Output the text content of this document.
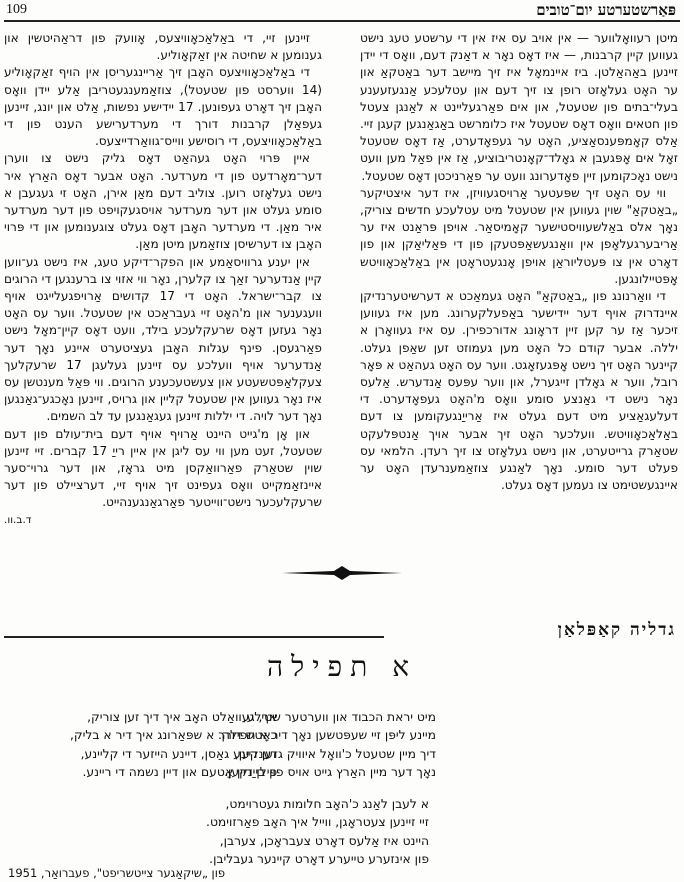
109	פּאַרשטערטע יום־טובים

מיטן רעוואָלווער — אין אויב עס איז אין די ערשטע טעג נישט געווען קיין קרבנות, — איז דאָס נאָר א דאַנק דעם, וואָס די יידן זיינען באַהאַלטן. ביז איינמאָל איז זיך מיישב דער באַטקאַ און ער האָט געלאָזט רופן צו זיך דעם און עטלעכע אַנגעזעענע בעלי־בתים פון שטעטל, און אים פאַרגעליינט א לאַנגן צעטל פון חטאים וואָס דאָס שטעטל איז כלומרשט באַגאַנגען קעגן זיי. אַלס קאָמפּענסאַציע, האָט ער געפאָדערט, אַז דאָס שטעטל זאָל אים אָפּגעבן א גאָלד־קאָנטריבוציע, אַז אין פאַל מען וועט נישט נאָכקומען זיין פאָדערונג וועט ער פאַרניכטן דאָס שטעטל.

ווי עס האָט זיך שפּעטער אַרויסגעוויזן, איז דער איצטיקער „באַטקאַ" שוין געווען אין שטעטל מיט עטלעכע חדשים צוריק, נאָך אלס באַלשעוויסטישער קאָמיסאַר. אויפן פּראַנט איז ער אַריבערגעלאָפן אין וואַנגעשאַפּטעקן פון די פּאַליאַקן און פון דאָרט אין צו פּעטליוראַן אויפן אָנגעטראָטן אין באַלאַכאָוויטש אָפּטיילונגען.

די וואַרנונג פון „באַטקאַ" האָט געמאַכט א דערשיטערנדיקן איינדרוק אויף דער יידישער באַפעלקערונג. מען איז געווען זיכער אַז ער קען זיין דראָונג אדורכפירן. עס איז געוואָרן א יללה. אבער קודם כל האָט מען געמוזט זען שאַפן געלט. קיינער האָט זיך נישט אָפּגעזאָגט. ווער עס האָט געהאַט א פּאָר רובל, ווער א גאָלדן זייגערל, און ווער עפּעס אַנדערש. אַלעס נאָר נישט די גאַנצע סומע וואָס מ'האָט געפאָדערט. די דעלעגאַציע מיט דעם געלט איז אַרייַנגעקומען צו דעם באַלאַכאָוויטש. וועלכער האָט זיך אבער אויך אַנטפּלעקט שטאַרק גרייטערט, און נישט געלאָזט צו זיך רעדן. הלמאי עס פעלט דער סומע. נאָך לאַנגע צוזאַמענרעדן האָט ער איינגעשטימט צו נעמען דאָס געלט.

זיינען זיי, די באַלאַכאָוויצעס, אָוועק פון דראַהיטשין און גענומען א שחיטה אין זאַקאָוליע.

די באַלאַכאָוויצעס האָבן זיך אַריינגעריסן אין הויף זאַקאָוליע (14 ווערסט פון שטעטל), צוזאַמענגעטריבן אַלע יידן וואָס האָבן זיך דאָרט געפונען. 17 יידישע נפשות, אַלט און יונג, זיינען געפאַלן קרבנות דורך די מערדערישע הענט פון די באַלאַכאָוויצעס, די רוסישע ווייס־גוואַרדייצעס.

איין פּרוי האָט געהאַט דאָס גליק נישט צו ווערן דער־מאָרדעט פון די מערדער. האָט אבער דאָס האַרץ איר נישט געלאָזט רוען. צוליב דעם מאַן אירן, האָט זי געגעבן א סומע געלט און דער מערדער אויסגעקויפט פון דער מערדער איר מאַן. די מערדער האָבן דאָס געלט צוגענומען און די פּרוי האָבן צו דערשיסן צוזאַמען מיטן מאַן.

אין יענע גרוויסאַמע און הפקר־דיקע טעג, איז נישט גע־ווען קיין אַנדערער זאַך צו קלערן, נאָר ווי אזוי צו ברענגען די הרוגים צו קבר־ישראל. האָט די 17 קדושים אַרויפגעלייגט אויף וועגענער און מ'האָט זיי געבראַכט אין שטעטל. ווער עס האָט נאָר געזען דאָס שרעקלעכע בילד, וועט דאָס קיין־מאָל נישט פאַרגעסן. פינף עגלות האָבן געציטערט איינע נאָך דער אַנדערער אויף וועלכע עס זיינען געלעגן 17 שרעקלעך צעקלאַפּטשעטע און צעשטעכענע הרוגים. ווי פּאַלּ מענטשן עס איז נאָר געווען אין שטעטל קליין און גרויס, זיינען נאָכגע־גאַנגען נאָך דער לויה. די יללות זיינען געגאַנגען עד לב השמים.

און אָן מ'גייט היינט אַרויף אויף דעם בית־עולם פון דעם שטעטל, זעט מען ווי עס ליגן אין איין רייַ 17 קברים. זיי זיינען שוין שטאַרק פאַרוואַקסן מיט גראָז, און דער גרוי־סער איינזאַמקייט וואָס געפינט זיך אויף זיי, דערציילט פון דער שרעקלעכער נישט־ווייטער פאַרגאַנגענהייט.

ד.ב.וו.
גדליה קאַפּלאַן
א תפילה
מיט יראת הכבוד און ווערטער שטילע,
מיינע ליפּן זיי שעפּטשען נאָך דיר א תפילה.
דיך מיין שטעטל כ'וואָל איוויק גדענקען,
נאָך דער מיין האַרץ גייט אויס פון בייַנקען.
אך, געוואַלט האָב איך דיך זען צוריק,
כאָטש דורך א שפּאַרונג איך דיר א בליק,
זען דיינע גאַסן, דיינע הייזער די קליינע,
פילן דיין אָטעם און דיין נשמה די ריינע.
א לעבן לאַנג כ'האָב חלומות געטרוימט,
זיי זיינען צעטראָגן, ווייל איך האָב פאַרזוימט.
היינט איז אַלעס דאָרט צעבראָכן, צערבן,
פון אינזערע טייערע דאָרט קיינער געבליבן.
פון „שיקאַגער צייטשריפט", פעברואַר, 1951
